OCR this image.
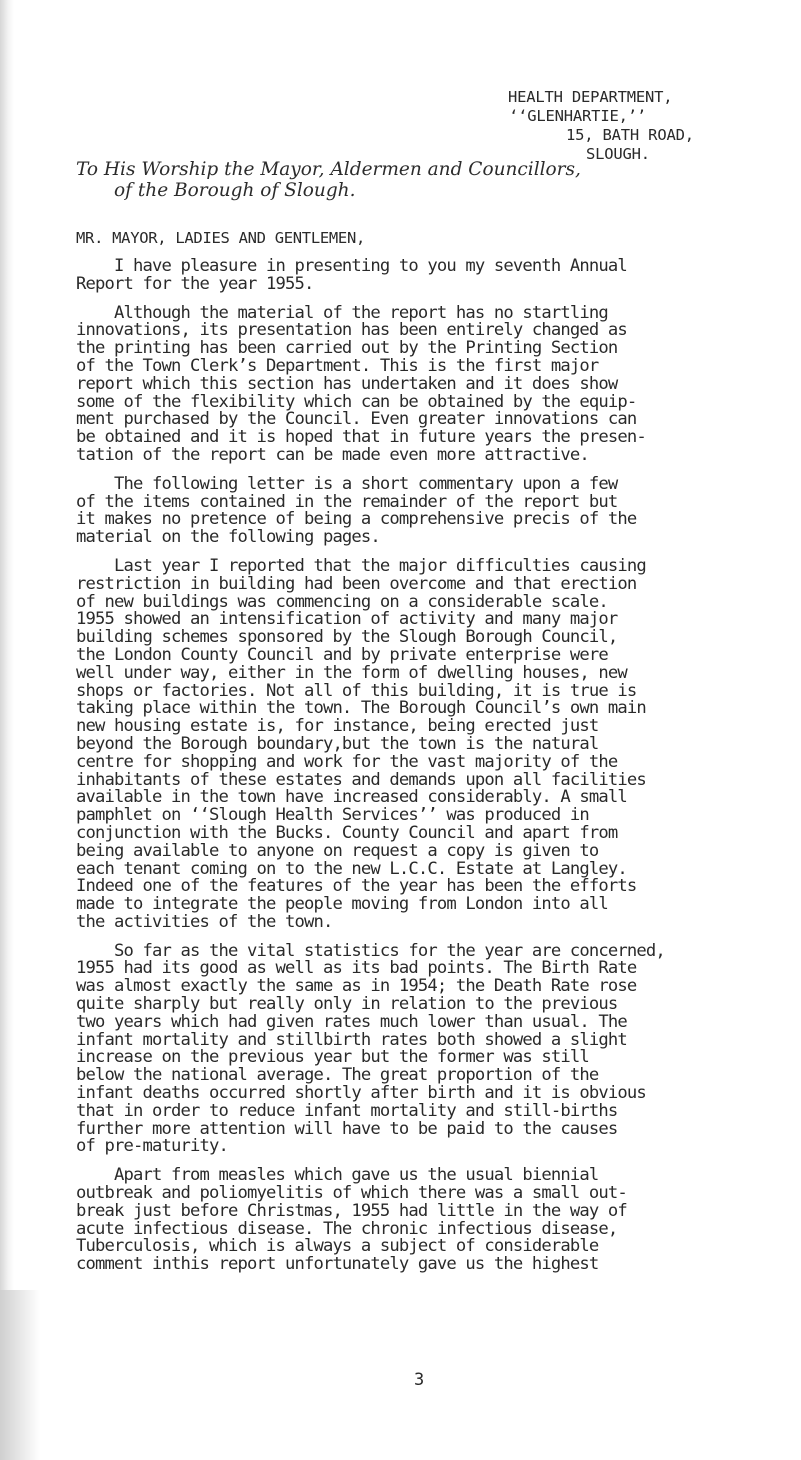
HEALTH DEPARTMENT,
‘‘GLENHARTIE,’’
15, BATH ROAD,
SLOUGH.
To His Worship the Mayor, Aldermen and Councillors,
of the Borough of Slough.
MR. MAYOR, LADIES AND GENTLEMEN,
I have pleasure in presenting to you my seventh Annual
Report for the year 1955.
Although the material of the report has no startling
innovations, its presentation has been entirely changed as
the printing has been carried out by the Printing Section
of the Town Clerk’s Department. This is the first major
report which this section has undertaken and it does show
some of the flexibility which can be obtained by the equip-
ment purchased by the Council. Even greater innovations can
be obtained and it is hoped that in future years the presen-
tation of the report can be made even more attractive.
The following letter is a short commentary upon a few
of the items contained in the remainder of the report but
it makes no pretence of being a comprehensive precis of the
material on the following pages.
Last year I reported that the major difficulties causing
restriction in building had been overcome and that erection
of new buildings was commencing on a considerable scale.
1955 showed an intensification of activity and many major
building schemes sponsored by the Slough Borough Council,
the London County Council and by private enterprise were
well under way, either in the form of dwelling houses, new
shops or factories. Not all of this building, it is true is
taking place within the town. The Borough Council’s own main
new housing estate is, for instance, being erected just
beyond the Borough boundary,but the town is the natural
centre for shopping and work for the vast majority of the
inhabitants of these estates and demands upon all facilities
available in the town have increased considerably. A small
pamphlet on ‘‘Slough Health Services’’ was produced in
conjunction with the Bucks. County Council and apart from
being available to anyone on request a copy is given to
each tenant coming on to the new L.C.C. Estate at Langley.
Indeed one of the features of the year has been the efforts
made to integrate the people moving from London into all
the activities of the town.
So far as the vital statistics for the year are concerned,
1955 had its good as well as its bad points. The Birth Rate
was almost exactly the same as in 1954; the Death Rate rose
quite sharply but really only in relation to the previous
two years which had given rates much lower than usual. The
infant mortality and stillbirth rates both showed a slight
increase on the previous year but the former was still
below the national average. The great proportion of the
infant deaths occurred shortly after birth and it is obvious
that in order to reduce infant mortality and still-births
further more attention will have to be paid to the causes
of pre-maturity.
Apart from measles which gave us the usual biennial
outbreak and poliomyelitis of which there was a small out-
break just before Christmas, 1955 had little in the way of
acute infectious disease. The chronic infectious disease,
Tuberculosis, which is always a subject of considerable
comment inthis report unfortunately gave us the highest
3
